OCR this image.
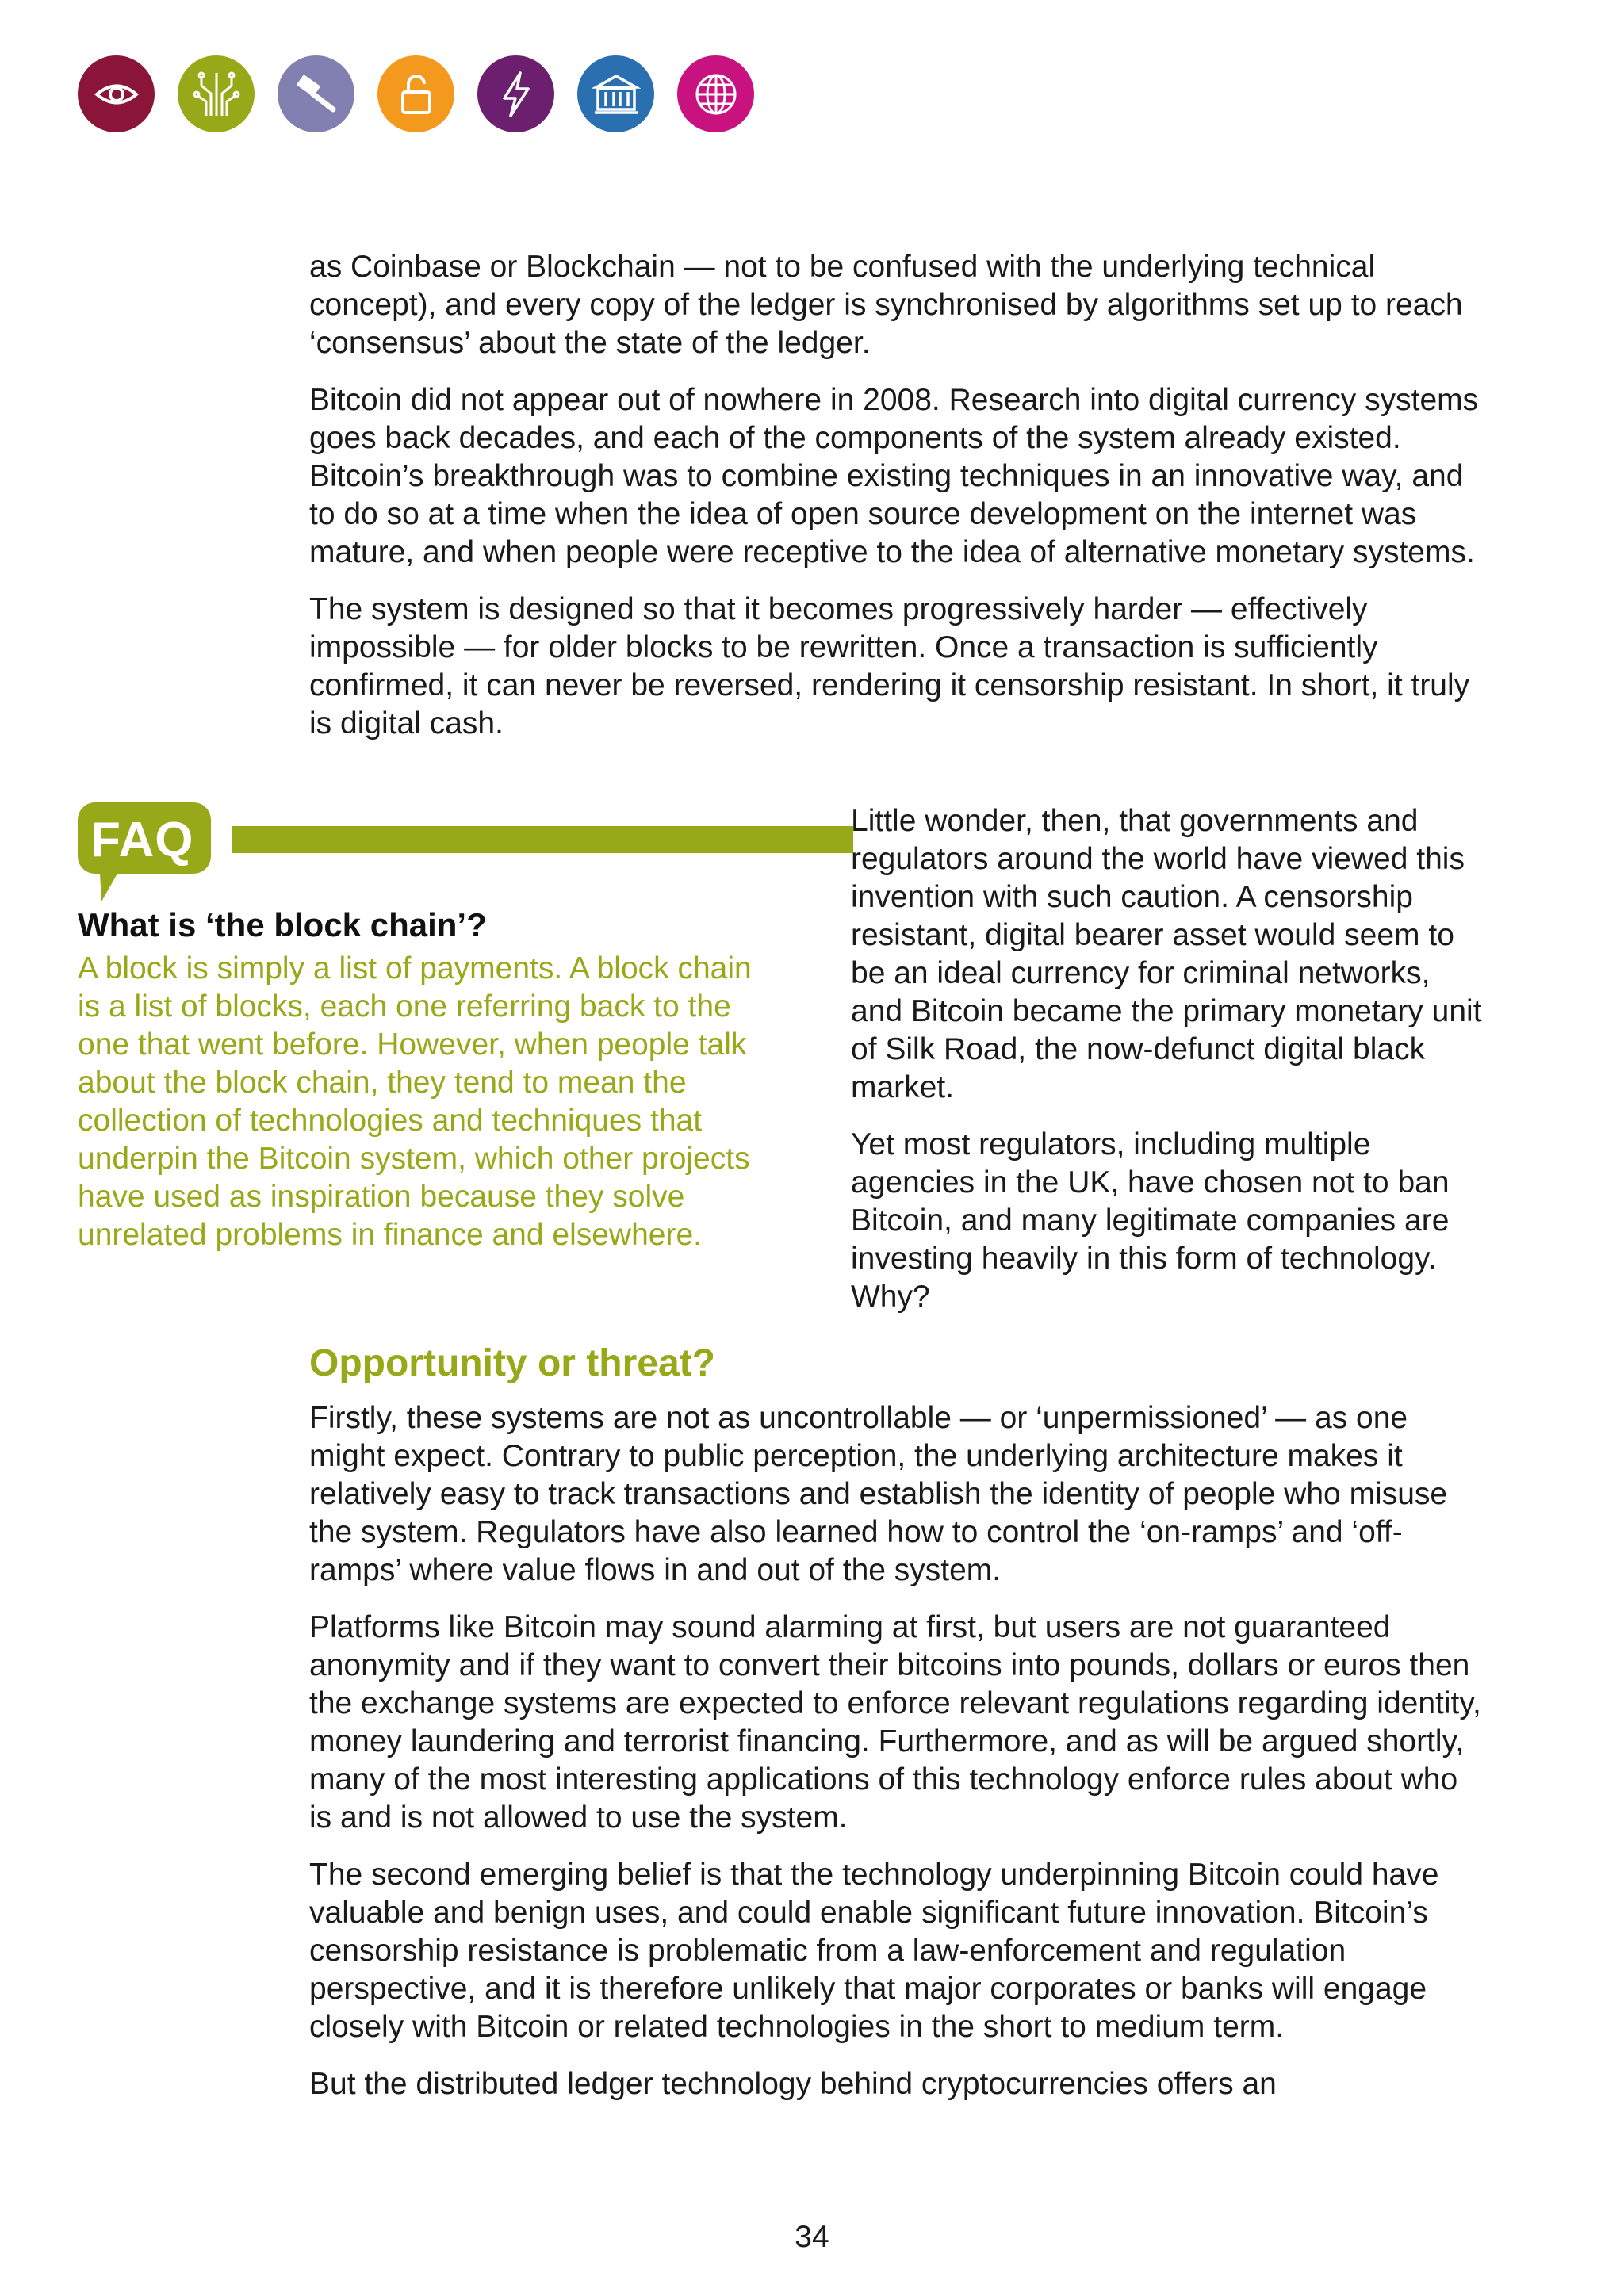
as Coinbase or Blockchain — not to be confused with the underlying technical concept), and every copy of the ledger is synchronised by algorithms set up to reach ‘consensus’ about the state of the ledger.

Bitcoin did not appear out of nowhere in 2008. Research into digital currency systems goes back decades, and each of the components of the system already existed. Bitcoin’s breakthrough was to combine existing techniques in an innovative way, and to do so at a time when the idea of open source development on the internet was mature, and when people were receptive to the idea of alternative monetary systems.

The system is designed so that it becomes progressively harder — effectively impossible — for older blocks to be rewritten. Once a transaction is sufficiently confirmed, it can never be reversed, rendering it censorship resistant. In short, it truly is digital cash.

FAQ
What is ‘the block chain’?

A block is simply a list of payments. A block chain is a list of blocks, each one referring back to the one that went before. However, when people talk about the block chain, they tend to mean the collection of technologies and techniques that underpin the Bitcoin system, which other projects have used as inspiration because they solve unrelated problems in finance and elsewhere.

Little wonder, then, that governments and regulators around the world have viewed this invention with such caution. A censorship resistant, digital bearer asset would seem to be an ideal currency for criminal networks, and Bitcoin became the primary monetary unit of Silk Road, the now-defunct digital black market.

Yet most regulators, including multiple agencies in the UK, have chosen not to ban Bitcoin, and many legitimate companies are investing heavily in this form of technology. Why?

Opportunity or threat?

Firstly, these systems are not as uncontrollable — or ‘unpermissioned’ — as one might expect. Contrary to public perception, the underlying architecture makes it relatively easy to track transactions and establish the identity of people who misuse the system. Regulators have also learned how to control the ‘on-ramps’ and ‘off-ramps’ where value flows in and out of the system.

Platforms like Bitcoin may sound alarming at first, but users are not guaranteed anonymity and if they want to convert their bitcoins into pounds, dollars or euros then the exchange systems are expected to enforce relevant regulations regarding identity, money laundering and terrorist financing. Furthermore, and as will be argued shortly, many of the most interesting applications of this technology enforce rules about who is and is not allowed to use the system.

The second emerging belief is that the technology underpinning Bitcoin could have valuable and benign uses, and could enable significant future innovation. Bitcoin’s censorship resistance is problematic from a law-enforcement and regulation perspective, and it is therefore unlikely that major corporates or banks will engage closely with Bitcoin or related technologies in the short to medium term.

But the distributed ledger technology behind cryptocurrencies offers an

34
